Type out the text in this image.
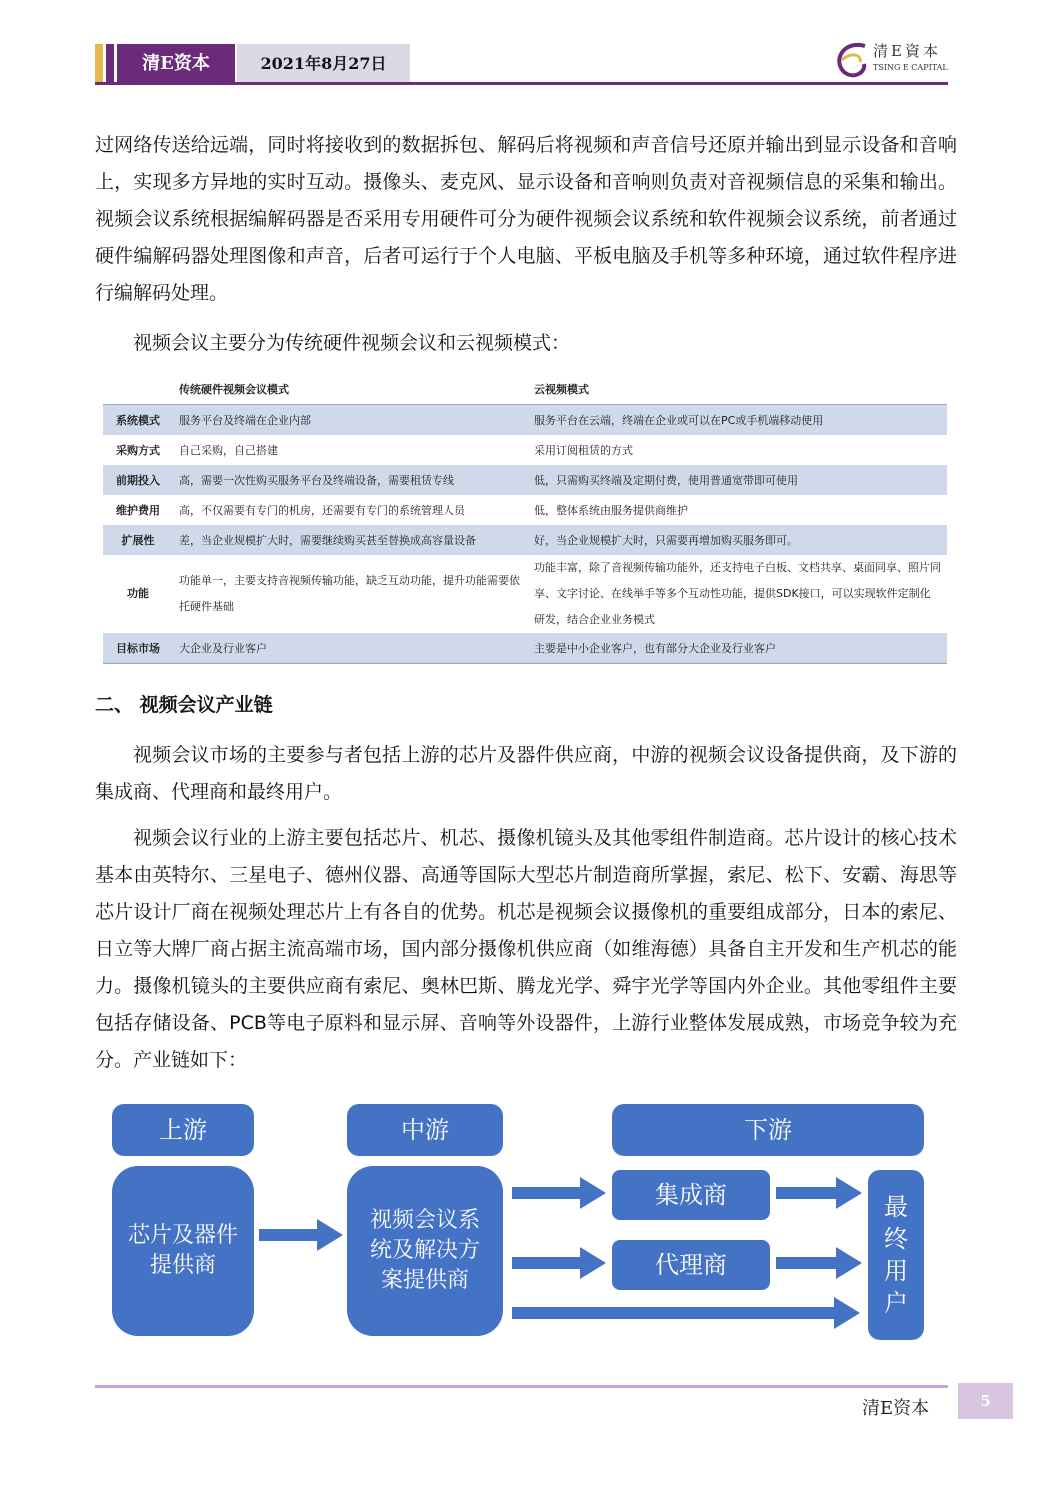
清E资本	2021年8月27日
清E資本
TSING E CAPITAL

过网络传送给远端，同时将接收到的数据拆包、解码后将视频和声音信号还原并输出到显示设备和音响上，实现多方异地的实时互动。摄像头、麦克风、显示设备和音响则负责对音视频信息的采集和输出。视频会议系统根据编解码器是否采用专用硬件可分为硬件视频会议系统和软件视频会议系统，前者通过硬件编解码器处理图像和声音，后者可运行于个人电脑、平板电脑及手机等多种环境，通过软件程序进行编解码处理。

视频会议主要分为传统硬件视频会议和云视频模式：
	传统硬件视频会议模式	云视频模式
系统模式	服务平台及终端在企业内部	服务平台在云端，终端在企业或可以在PC或手机端移动使用
采购方式	自己采购，自己搭建	采用订阅租赁的方式
前期投入	高，需要一次性购买服务平台及终端设备，需要租赁专线	低，只需购买终端及定期付费，使用普通宽带即可使用
维护费用	高，不仅需要有专门的机房，还需要有专门的系统管理人员	低，整体系统由服务提供商维护
扩展性	差，当企业规模扩大时，需要继续购买甚至替换成高容量设备	好，当企业规模扩大时，只需要再增加购买服务即可。
功能	功能单一，主要支持音视频传输功能，缺乏互动功能，提升功能需要依托硬件基础	功能丰富，除了音视频传输功能外，还支持电子白板、文档共享、桌面同享、照片同享、文字讨论、在线举手等多个互动性功能，提供SDK接口，可以实现软件定制化研发，结合企业业务模式
目标市场	大企业及行业客户	主要是中小企业客户，也有部分大企业及行业客户
二、 视频会议产业链

视频会议市场的主要参与者包括上游的芯片及器件供应商，中游的视频会议设备提供商，及下游的集成商、代理商和最终用户。

视频会议行业的上游主要包括芯片、机芯、摄像机镜头及其他零组件制造商。芯片设计的核心技术基本由英特尔、三星电子、德州仪器、高通等国际大型芯片制造商所掌握，索尼、松下、安霸、海思等芯片设计厂商在视频处理芯片上有各自的优势。机芯是视频会议摄像机的重要组成部分，日本的索尼、日立等大牌厂商占据主流高端市场，国内部分摄像机供应商（如维海德）具备自主开发和生产机芯的能力。摄像机镜头的主要供应商有索尼、奥林巴斯、腾龙光学、舜宇光学等国内外企业。其他零组件主要包括存储设备、PCB等电子原料和显示屏、音响等外设器件，上游行业整体发展成熟，市场竞争较为充分。产业链如下：

上游	中游	下游
芯片及器件提供商
视频会议系统及解决方案提供商
集成商
代理商
最终用户
清E资本	5
